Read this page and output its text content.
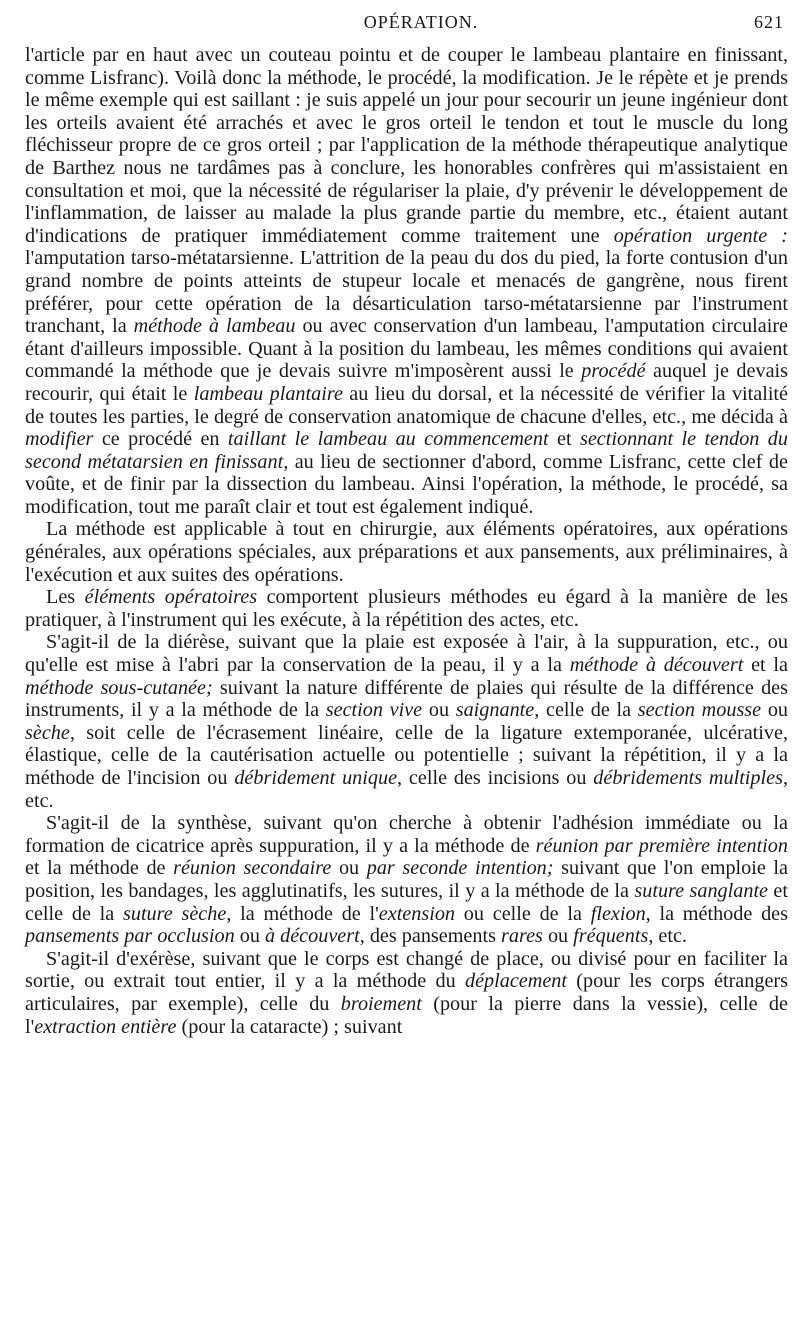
OPÉRATION.	621

l'article par en haut avec un couteau pointu et de couper le lambeau plantaire en finissant, comme Lisfranc). Voilà donc la méthode, le procédé, la modification. Je le répète et je prends le même exemple qui est saillant : je suis appelé un jour pour secourir un jeune ingénieur dont les orteils avaient été arrachés et avec le gros orteil le tendon et tout le muscle du long fléchisseur propre de ce gros orteil ; par l'application de la méthode thérapeutique analytique de Barthez nous ne tardâmes pas à conclure, les honorables confrères qui m'assistaient en consultation et moi, que la nécessité de régulariser la plaie, d'y prévenir le développement de l'inflammation, de laisser au malade la plus grande partie du membre, etc., étaient autant d'indications de pratiquer immédiatement comme traitement une opération urgente : l'amputation tarso-métatarsienne. L'attrition de la peau du dos du pied, la forte contusion d'un grand nombre de points atteints de stupeur locale et menacés de gangrène, nous firent préférer, pour cette opération de la désarticulation tarso-métatarsienne par l'instrument tranchant, la méthode à lambeau ou avec conservation d'un lambeau, l'amputation circulaire étant d'ailleurs impossible. Quant à la position du lambeau, les mêmes conditions qui avaient commandé la méthode que je devais suivre m'imposèrent aussi le procédé auquel je devais recourir, qui était le lambeau plantaire au lieu du dorsal, et la nécessité de vérifier la vitalité de toutes les parties, le degré de conservation anatomique de chacune d'elles, etc., me décida à modifier ce procédé en taillant le lambeau au commencement et sectionnant le tendon du second métatarsien en finissant, au lieu de sectionner d'abord, comme Lisfranc, cette clef de voûte, et de finir par la dissection du lambeau. Ainsi l'opération, la méthode, le procédé, sa modification, tout me paraît clair et tout est également indiqué.

La méthode est applicable à tout en chirurgie, aux éléments opératoires, aux opérations générales, aux opérations spéciales, aux préparations et aux pansements, aux préliminaires, à l'exécution et aux suites des opérations.

Les éléments opératoires comportent plusieurs méthodes eu égard à la manière de les pratiquer, à l'instrument qui les exécute, à la répétition des actes, etc.

S'agit-il de la diérèse, suivant que la plaie est exposée à l'air, à la suppuration, etc., ou qu'elle est mise à l'abri par la conservation de la peau, il y a la méthode à découvert et la méthode sous-cutanée; suivant la nature différente de plaies qui résulte de la différence des instruments, il y a la méthode de la section vive ou saignante, celle de la section mousse ou sèche, soit celle de l'écrasement linéaire, celle de la ligature extemporanée, ulcérative, élastique, celle de la cautérisation actuelle ou potentielle ; suivant la répétition, il y a la méthode de l'incision ou débridement unique, celle des incisions ou débridements multiples, etc.

S'agit-il de la synthèse, suivant qu'on cherche à obtenir l'adhésion immédiate ou la formation de cicatrice après suppuration, il y a la méthode de réunion par première intention et la méthode de réunion secondaire ou par seconde intention; suivant que l'on emploie la position, les bandages, les agglutinatifs, les sutures, il y a la méthode de la suture sanglante et celle de la suture sèche, la méthode de l'extension ou celle de la flexion, la méthode des pansements par occlusion ou à découvert, des pansements rares ou fréquents, etc.

S'agit-il d'exérèse, suivant que le corps est changé de place, ou divisé pour en faciliter la sortie, ou extrait tout entier, il y a la méthode du déplacement (pour les corps étrangers articulaires, par exemple), celle du broiement (pour la pierre dans la vessie), celle de l'extraction entière (pour la cataracte) ; suivant
